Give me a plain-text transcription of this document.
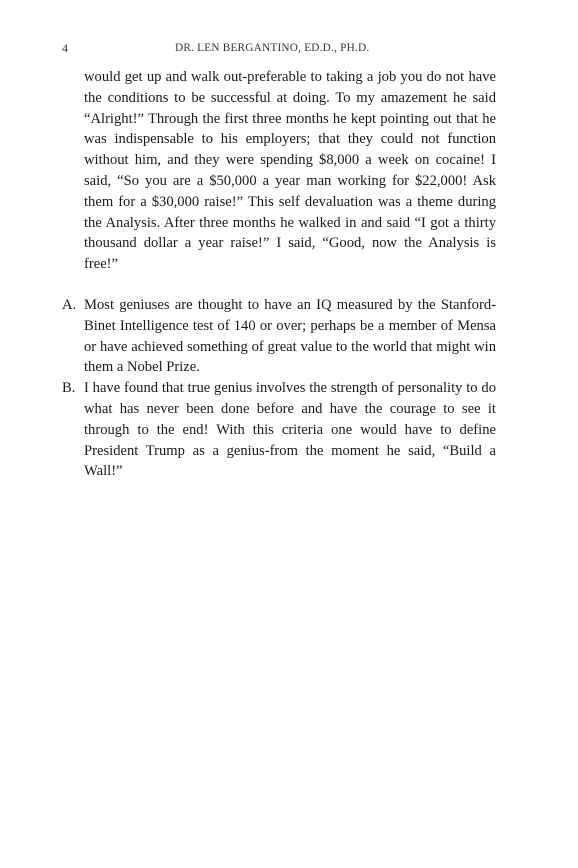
4	DR. LEN BERGANTINO, ED.D., PH.D.

would get up and walk out-preferable to taking a job you do not have the conditions to be successful at doing. To my amazement he said “Alright!” Through the first three months he kept pointing out that he was indispensable to his employers; that they could not function without him, and they were spending $8,000 a week on cocaine! I said, “So you are a $50,000 a year man working for $22,000! Ask them for a $30,000 raise!” This self devaluation was a theme during the Analysis. After three months he walked in and said “I got a thirty thousand dollar a year raise!” I said, “Good, now the Analysis is free!”

A. Most geniuses are thought to have an IQ measured by the Stanford-Binet Intelligence test of 140 or over; perhaps be a member of Mensa or have achieved something of great value to the world that might win them a Nobel Prize.
B. I have found that true genius involves the strength of personality to do what has never been done before and have the courage to see it through to the end! With this criteria one would have to define President Trump as a genius-from the moment he said, “Build a Wall!”
